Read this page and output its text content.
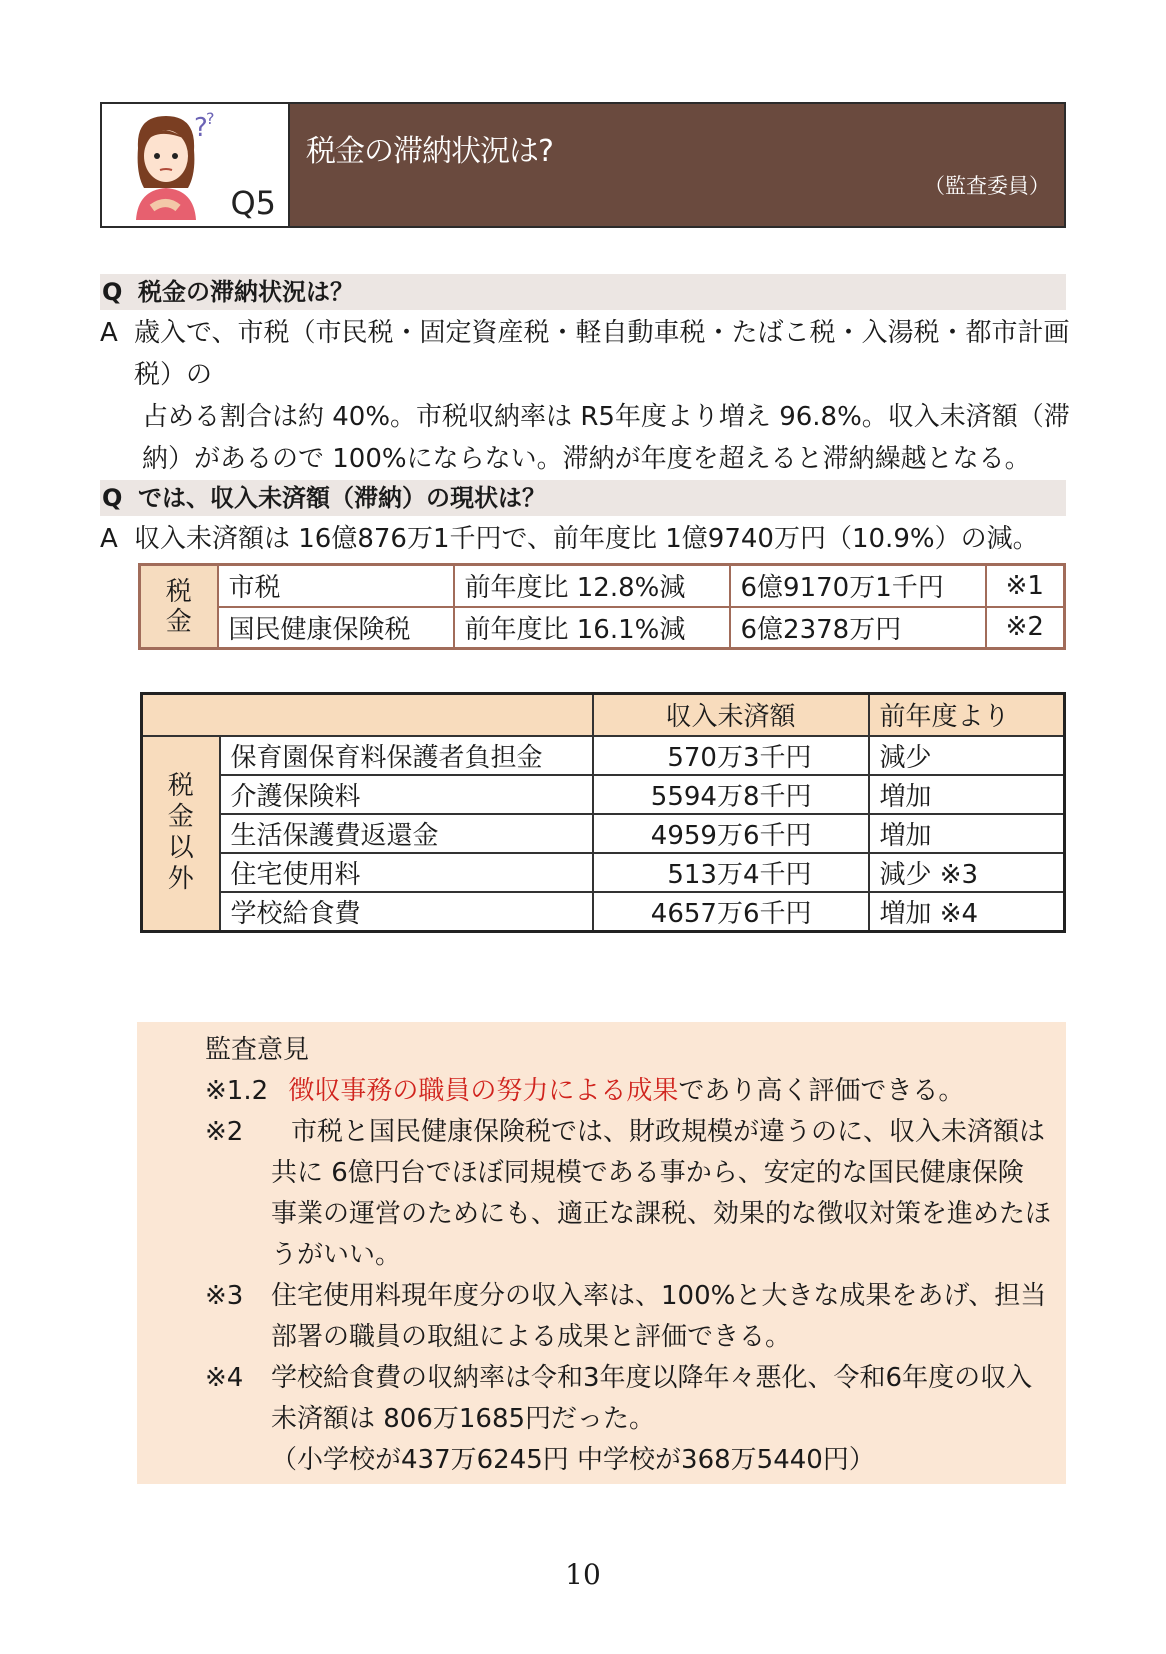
?
?
Q5
税金の滞納状況は?
（監査委員）
Q 税金の滞納状況は？
A 歳入で、市税（市民税・固定資産税・軽自動車税・たばこ税・入湯税・都市計画税）の
占める割合は約 40%。市税収納率は R5年度より増え 96.8%。収入未済額（滞
納）があるので 100%にならない。滞納が年度を超えると滞納繰越となる。
Q では、収入未済額（滞納）の現状は？
A 収入未済額は 16億876万1千円で、前年度比 1億9740万円（10.9%）の減。
税
金	市税	前年度比 12.8%減	6億9170万1千円	※1
	国民健康保険税	前年度比 16.1%減	6億2378万円	※2
		収入未済額	前年度より
税
金
以
外	保育園保育料保護者負担金	570万3千円	減少
	介護保険料	5594万8千円	増加
	生活保護費返還金	4959万6千円	増加
	住宅使用料	513万4千円	減少 ※3
	学校給食費	4657万6千円	増加 ※4
監査意見
※1.2 徴収事務の職員の努力による成果であり高く評価できる。
※2 市税と国民健康保険税では、財政規模が違うのに、収入未済額は
共に 6億円台でほぼ同規模である事から、安定的な国民健康保険
事業の運営のためにも、適正な課税、効果的な徴収対策を進めたほ
うがいい。
※3 住宅使用料現年度分の収入率は、100%と大きな成果をあげ、担当
部署の職員の取組による成果と評価できる。
※4 学校給食費の収納率は令和3年度以降年々悪化、令和6年度の収入
未済額は 806万1685円だった。
（小学校が437万6245円 中学校が368万5440円）
10
